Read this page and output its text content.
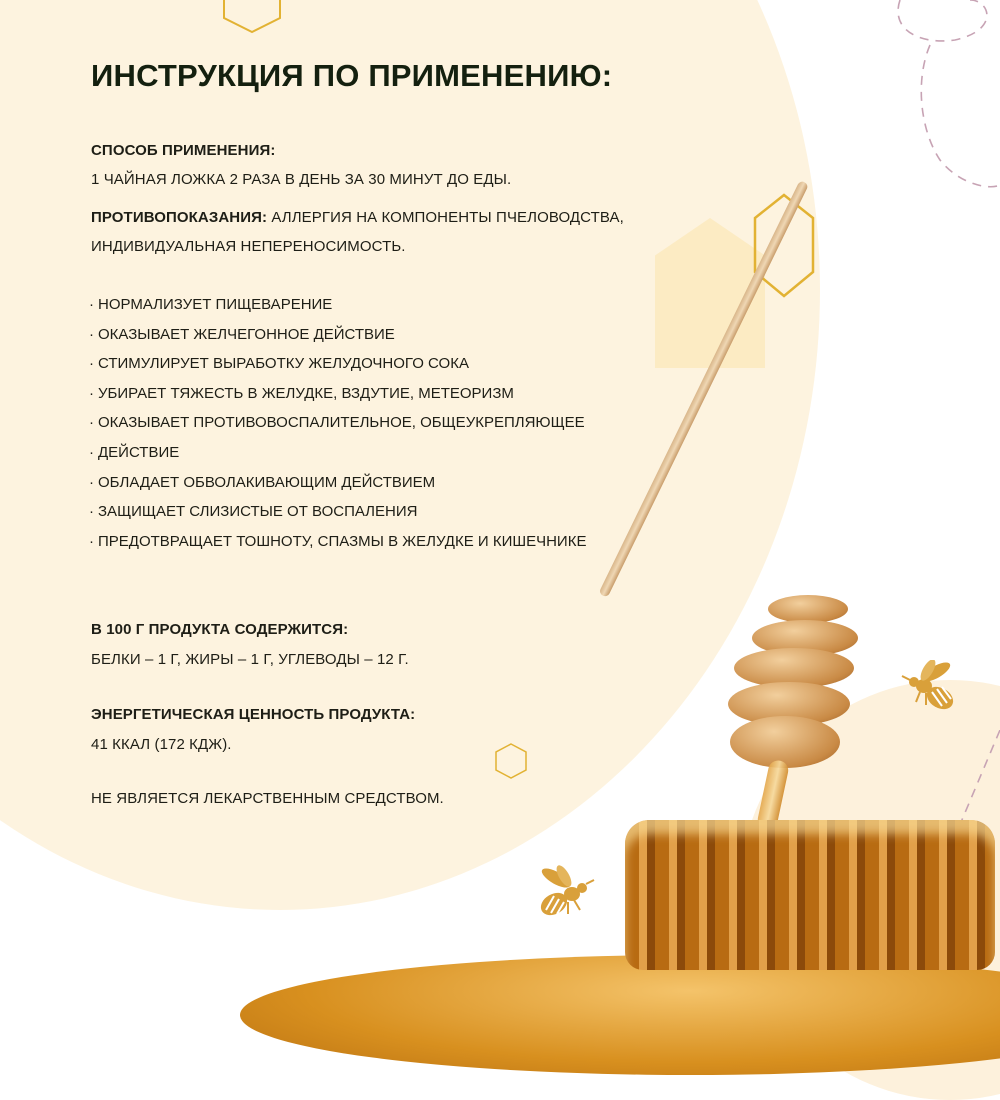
ИНСТРУКЦИЯ ПО ПРИМЕНЕНИЮ:
СПОСОБ ПРИМЕНЕНИЯ:
1 ЧАЙНАЯ ЛОЖКА 2 РАЗА В ДЕНЬ ЗА 30 МИНУТ ДО ЕДЫ.
ПРОТИВОПОКАЗАНИЯ: АЛЛЕРГИЯ НА КОМПОНЕНТЫ ПЧЕЛОВОДСТВА,
ИНДИВИДУАЛЬНАЯ НЕПЕРЕНОСИМОСТЬ.
· НОРМАЛИЗУЕТ ПИЩЕВАРЕНИЕ
· ОКАЗЫВАЕТ ЖЕЛЧЕГОННОЕ ДЕЙСТВИЕ
· СТИМУЛИРУЕТ ВЫРАБОТКУ ЖЕЛУДОЧНОГО СОКА
· УБИРАЕТ ТЯЖЕСТЬ В ЖЕЛУДКЕ, ВЗДУТИЕ, МЕТЕОРИЗМ
· ОКАЗЫВАЕТ ПРОТИВОВОСПАЛИТЕЛЬНОЕ, ОБЩЕУКРЕПЛЯЮЩЕЕ
· ДЕЙСТВИЕ
· ОБЛАДАЕТ ОБВОЛАКИВАЮЩИМ ДЕЙСТВИЕМ
· ЗАЩИЩАЕТ СЛИЗИСТЫЕ ОТ ВОСПАЛЕНИЯ
· ПРЕДОТВРАЩАЕТ ТОШНОТУ, СПАЗМЫ В ЖЕЛУДКЕ И КИШЕЧНИКЕ
В 100 Г ПРОДУКТА СОДЕРЖИТСЯ:
БЕЛКИ – 1 Г, ЖИРЫ – 1 Г, УГЛЕВОДЫ – 12 Г.
ЭНЕРГЕТИЧЕСКАЯ ЦЕННОСТЬ ПРОДУКТА:
41 ККАЛ (172 КДЖ).
НЕ ЯВЛЯЕТСЯ ЛЕКАРСТВЕННЫМ СРЕДСТВОМ.
